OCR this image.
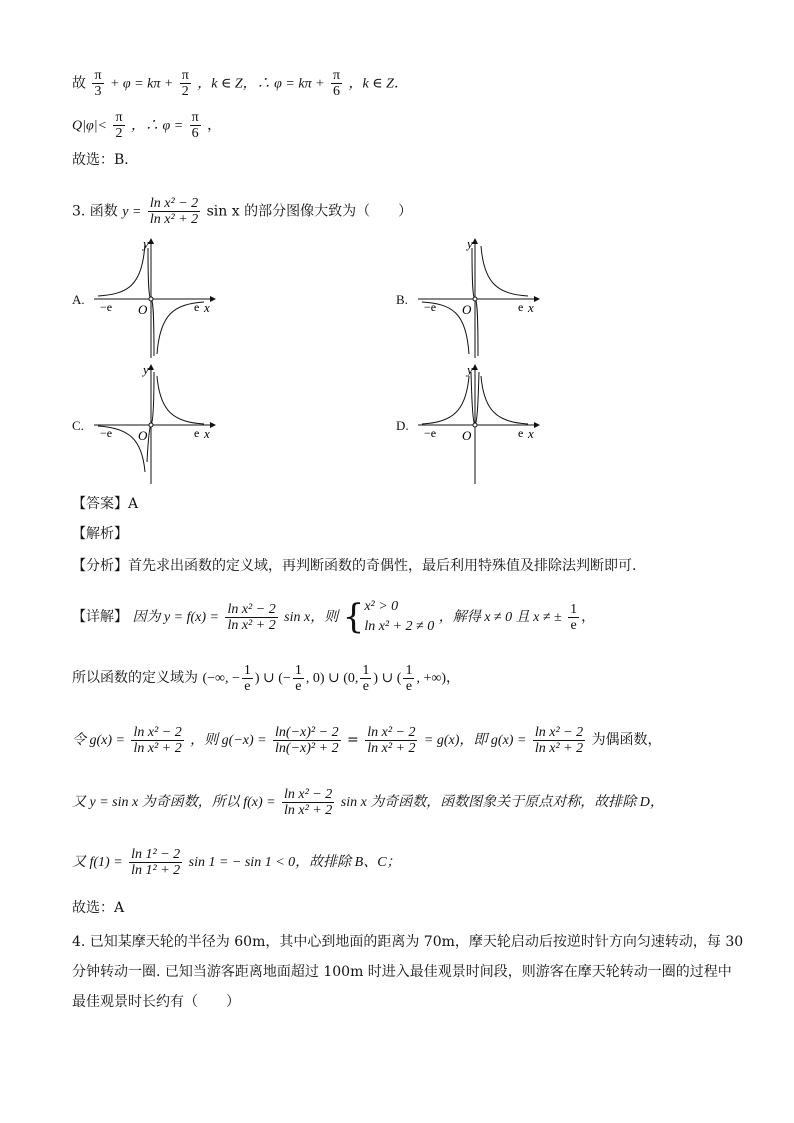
故 $\frac{\pi}{3} + \varphi = k\pi + \frac{\pi}{2}$ ，k ∈ Z，∴ $\varphi = k\pi + \frac{\pi}{6}$ ，k ∈ Z．
$Q|\varphi|< \frac{\pi}{2}$ ，∴ $\varphi = \frac{\pi}{6}$ ，
故选：B．
3. 函数 $y = \frac{\text{ln x² − 2}}{\text{ln x² + 2}}$ sin x 的部分图像大致为（　　）
A.	B.
C.	D.
−e O	e x
y
−e O	e x
y
−e O	e x
y
−e O	e x
y
【答案】A
【解析】
【分析】首先求出函数的定义域，再判断函数的奇偶性，最后利用特殊值及排除法判断即可.
【详解】 因为 $y = f(x) = \frac{\text{ln x² − 2}}{\text{ln x² + 2}}$ sin x，则 { x² > 0
ln x² + 2 ≠ 0
，解得 x ≠ 0 且 x ≠ ± $\frac{1}{e}$ ，
所以函数的定义域为 (−∞, − $\frac{1}{e}$ ) ∪ (− $\frac{1}{e}$ , 0) ∪ (0, $\frac{1}{e}$ ) ∪ ( $\frac{1}{e}$ , +∞)，
令 $g(x) = \frac{\text{ln x² − 2}}{\text{ln x² + 2}}$ ，则 $g(-x) = \frac{\text{ln(−x)² − 2}}{\text{ln(−x)² + 2}} = \frac{\text{ln x² − 2}}{\text{ln x² + 2}} = g(x)$，即 $g(x) = \frac{\text{ln x² − 2}}{\text{ln x² + 2}}$ 为偶函数，
又 y = sin x 为奇函数，所以 $f(x) = \frac{\text{ln x² − 2}}{\text{ln x² + 2}}$ sin x 为奇函数，函数图象关于原点对称，故排除 D，
又 $f(1) = \frac{\text{ln 1² − 2}}{\text{ln 1² + 2}}$ sin 1 = − sin 1 < 0，故排除 B、C；
故选：A
4. 已知某摩天轮的半径为 60m，其中心到地面的距离为 70m，摩天轮启动后按逆时针方向匀速转动，每 30
分钟转动一圈. 已知当游客距离地面超过 100m 时进入最佳观景时间段，则游客在摩天轮转动一圈的过程中
最佳观景时长约有（　　）
